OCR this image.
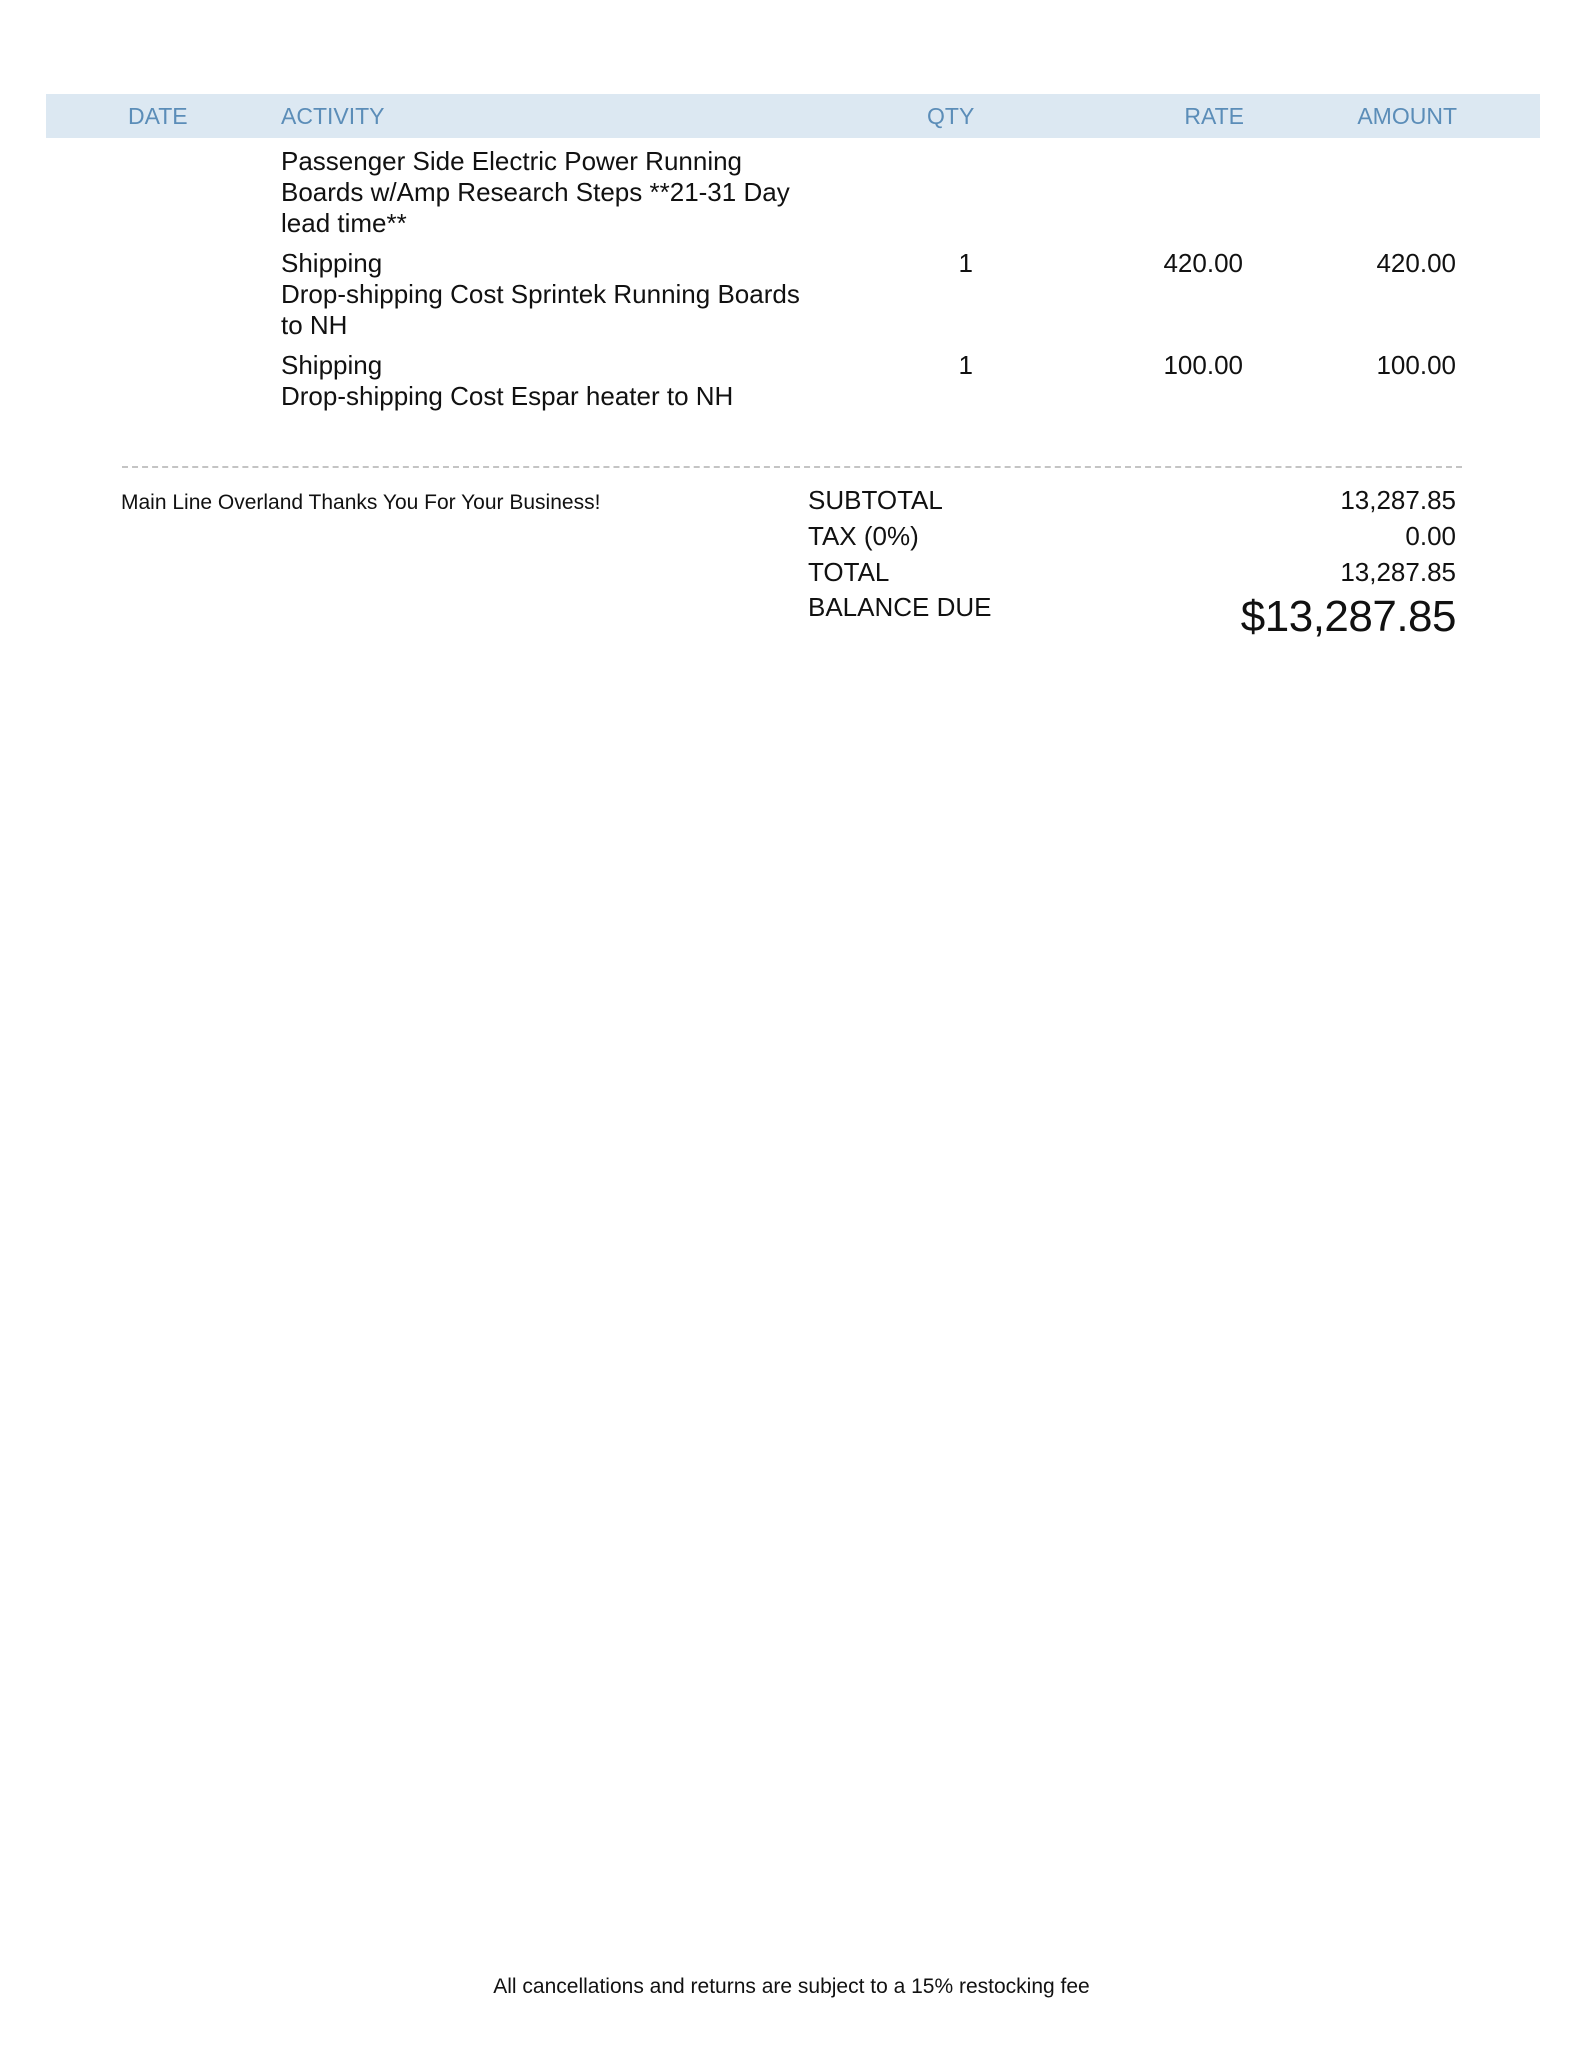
DATE	ACTIVITY	QTY	RATE	AMOUNT
Passenger Side Electric Power Running Boards w/Amp Research Steps **21-31 Day lead time**
Shipping
Drop-shipping Cost Sprintek Running Boards to NH
1	420.00	420.00
Shipping
Drop-shipping Cost Espar heater to NH
1	100.00	100.00
Main Line Overland Thanks You For Your Business!	SUBTOTAL	13,287.85
TAX (0%)	0.00
TOTAL	13,287.85
BALANCE DUE	$13,287.85
All cancellations and returns are subject to a 15% restocking fee
